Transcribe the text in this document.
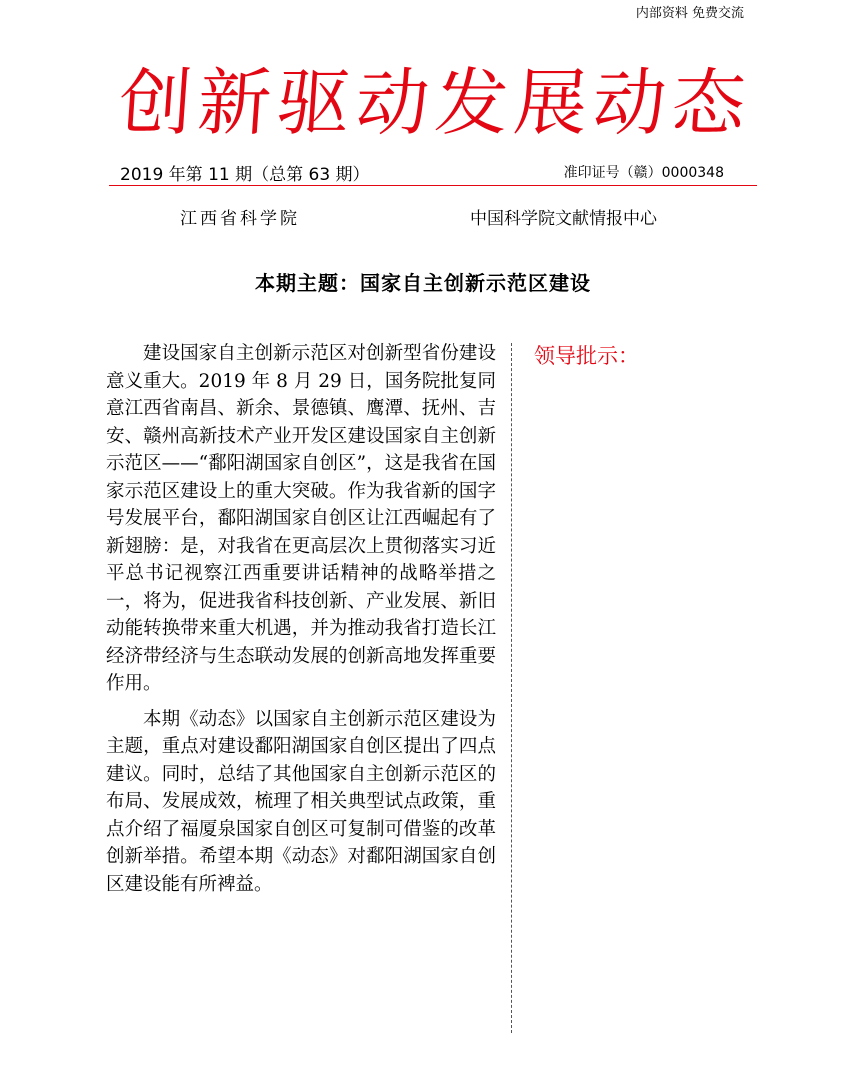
内部资料 免费交流
创新驱动发展动态
2019 年第 11 期（总第 63 期）	准印证号（赣）0000348
江西省科学院	中国科学院文献情报中心
本期主题：国家自主创新示范区建设

建设国家自主创新示范区对创新型省份建设意义重大。2019 年 8 月 29 日，国务院批复同意江西省南昌、新余、景德镇、鹰潭、抚州、吉安、赣州高新技术产业开发区建设国家自主创新示范区——“鄱阳湖国家自创区”，这是我省在国家示范区建设上的重大突破。作为我省新的国字号发展平台，鄱阳湖国家自创区让江西崛起有了新翅膀：是，对我省在更高层次上贯彻落实习近平总书记视察江西重要讲话精神的战略举措之一，将为，促进我省科技创新、产业发展、新旧动能转换带来重大机遇，并为推动我省打造长江经济带经济与生态联动发展的创新高地发挥重要作用。

本期《动态》以国家自主创新示范区建设为主题，重点对建设鄱阳湖国家自创区提出了四点建议。同时，总结了其他国家自主创新示范区的布局、发展成效，梳理了相关典型试点政策，重点介绍了福厦泉国家自创区可复制可借鉴的改革创新举措。希望本期《动态》对鄱阳湖国家自创区建设能有所裨益。

领导批示：
